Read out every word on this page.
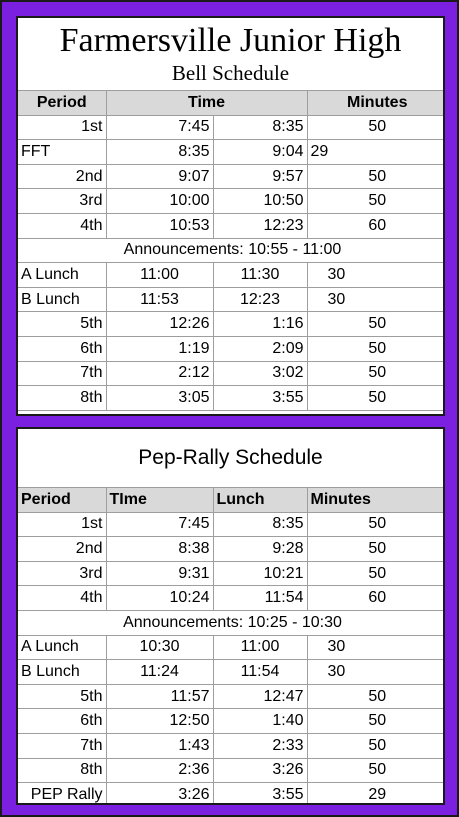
Farmersville Junior High
Bell Schedule
Period	Time		Minutes
1st	7:45	8:35	50
FFT	8:35	9:04	29
2nd	9:07	9:57	50
3rd	10:00	10:50	50
4th	10:53	12:23	60
Announcements: 10:55 - 11:00			
A Lunch	11:00	11:30	30
B Lunch	11:53	12:23	30
5th	12:26	1:16	50
6th	1:19	2:09	50
7th	2:12	3:02	50
8th	3:05	3:55	50
Pep-Rally Schedule
Period	TIme	Lunch	Minutes
1st	7:45	8:35	50
2nd	8:38	9:28	50
3rd	9:31	10:21	50
4th	10:24	11:54	60
Announcements: 10:25 - 10:30			
A Lunch	10:30	11:00	30
B Lunch	11:24	11:54	30
5th	11:57	12:47	50
6th	12:50	1:40	50
7th	1:43	2:33	50
8th	2:36	3:26	50
PEP Rally	3:26	3:55	29
